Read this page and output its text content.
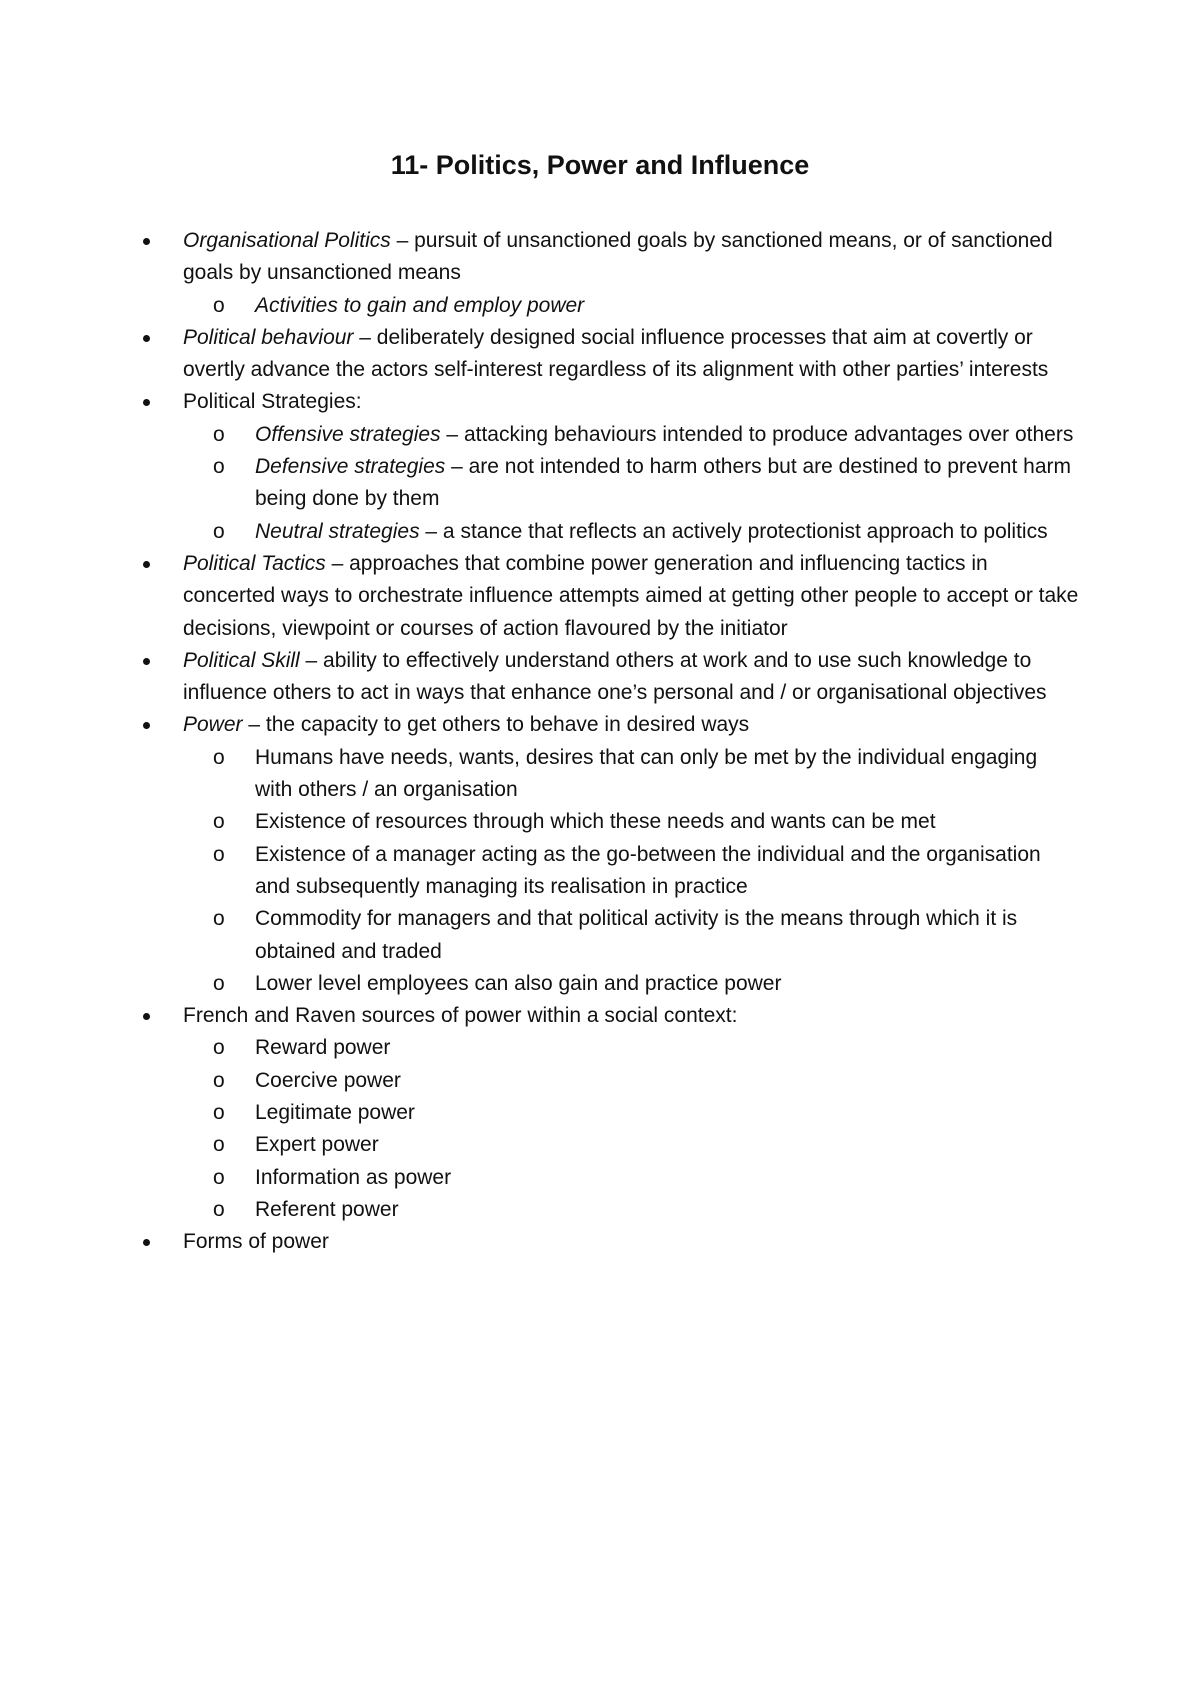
11- Politics, Power and Influence
Organisational Politics – pursuit of unsanctioned goals by sanctioned means, or of sanctioned goals by unsanctioned means
o Activities to gain and employ power
Political behaviour – deliberately designed social influence processes that aim at covertly or overtly advance the actors self-interest regardless of its alignment with other parties’ interests
Political Strategies:
o Offensive strategies – attacking behaviours intended to produce advantages over others
o Defensive strategies – are not intended to harm others but are destined to prevent harm being done by them
o Neutral strategies – a stance that reflects an actively protectionist approach to politics
Political Tactics – approaches that combine power generation and influencing tactics in concerted ways to orchestrate influence attempts aimed at getting other people to accept or take decisions, viewpoint or courses of action flavoured by the initiator
Political Skill – ability to effectively understand others at work and to use such knowledge to influence others to act in ways that enhance one’s personal and / or organisational objectives
Power – the capacity to get others to behave in desired ways
o Humans have needs, wants, desires that can only be met by the individual engaging with others / an organisation
o Existence of resources through which these needs and wants can be met
o Existence of a manager acting as the go-between the individual and the organisation and subsequently managing its realisation in practice
o Commodity for managers and that political activity is the means through which it is obtained and traded
o Lower level employees can also gain and practice power
French and Raven sources of power within a social context:
o Reward power
o Coercive power
o Legitimate power
o Expert power
o Information as power
o Referent power
Forms of power
